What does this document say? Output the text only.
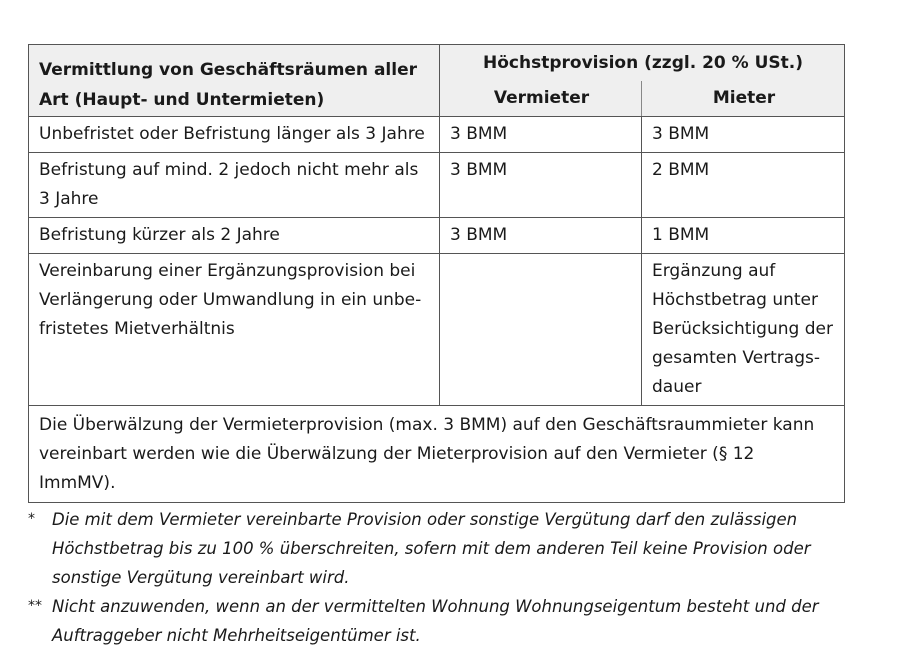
Vermittlung von Geschäftsräumen aller Art (Haupt- und Untermieten)	Höchstprovision (zzgl. 20 % USt.)	
	Vermieter	Mieter
Unbefristet oder Befristung länger als 3 Jahre	3 BMM	3 BMM
Befristung auf mind. 2 jedoch nicht mehr als 3 Jahre	3 BMM	2 BMM
Befristung kürzer als 2 Jahre	3 BMM	1 BMM
Vereinbarung einer Ergänzungsprovision bei Verlängerung oder Umwandlung in ein unbe-fristetes Mietverhältnis		Ergänzung auf Höchstbetrag unter Berücksichtigung der gesamten Vertrags-dauer
Die Überwälzung der Vermieterprovision (max. 3 BMM) auf den Geschäftsraummieter kann vereinbart werden wie die Überwälzung der Mieterprovision auf den Vermieter (§ 12 ImmMV).		
* Die mit dem Vermieter vereinbarte Provision oder sonstige Vergütung darf den zulässigen Höchstbetrag bis zu 100 % überschreiten, sofern mit dem anderen Teil keine Provision oder sonstige Vergütung vereinbart wird.
** Nicht anzuwenden, wenn an der vermittelten Wohnung Wohnungseigentum besteht und der Auftraggeber nicht Mehrheitseigentümer ist.
